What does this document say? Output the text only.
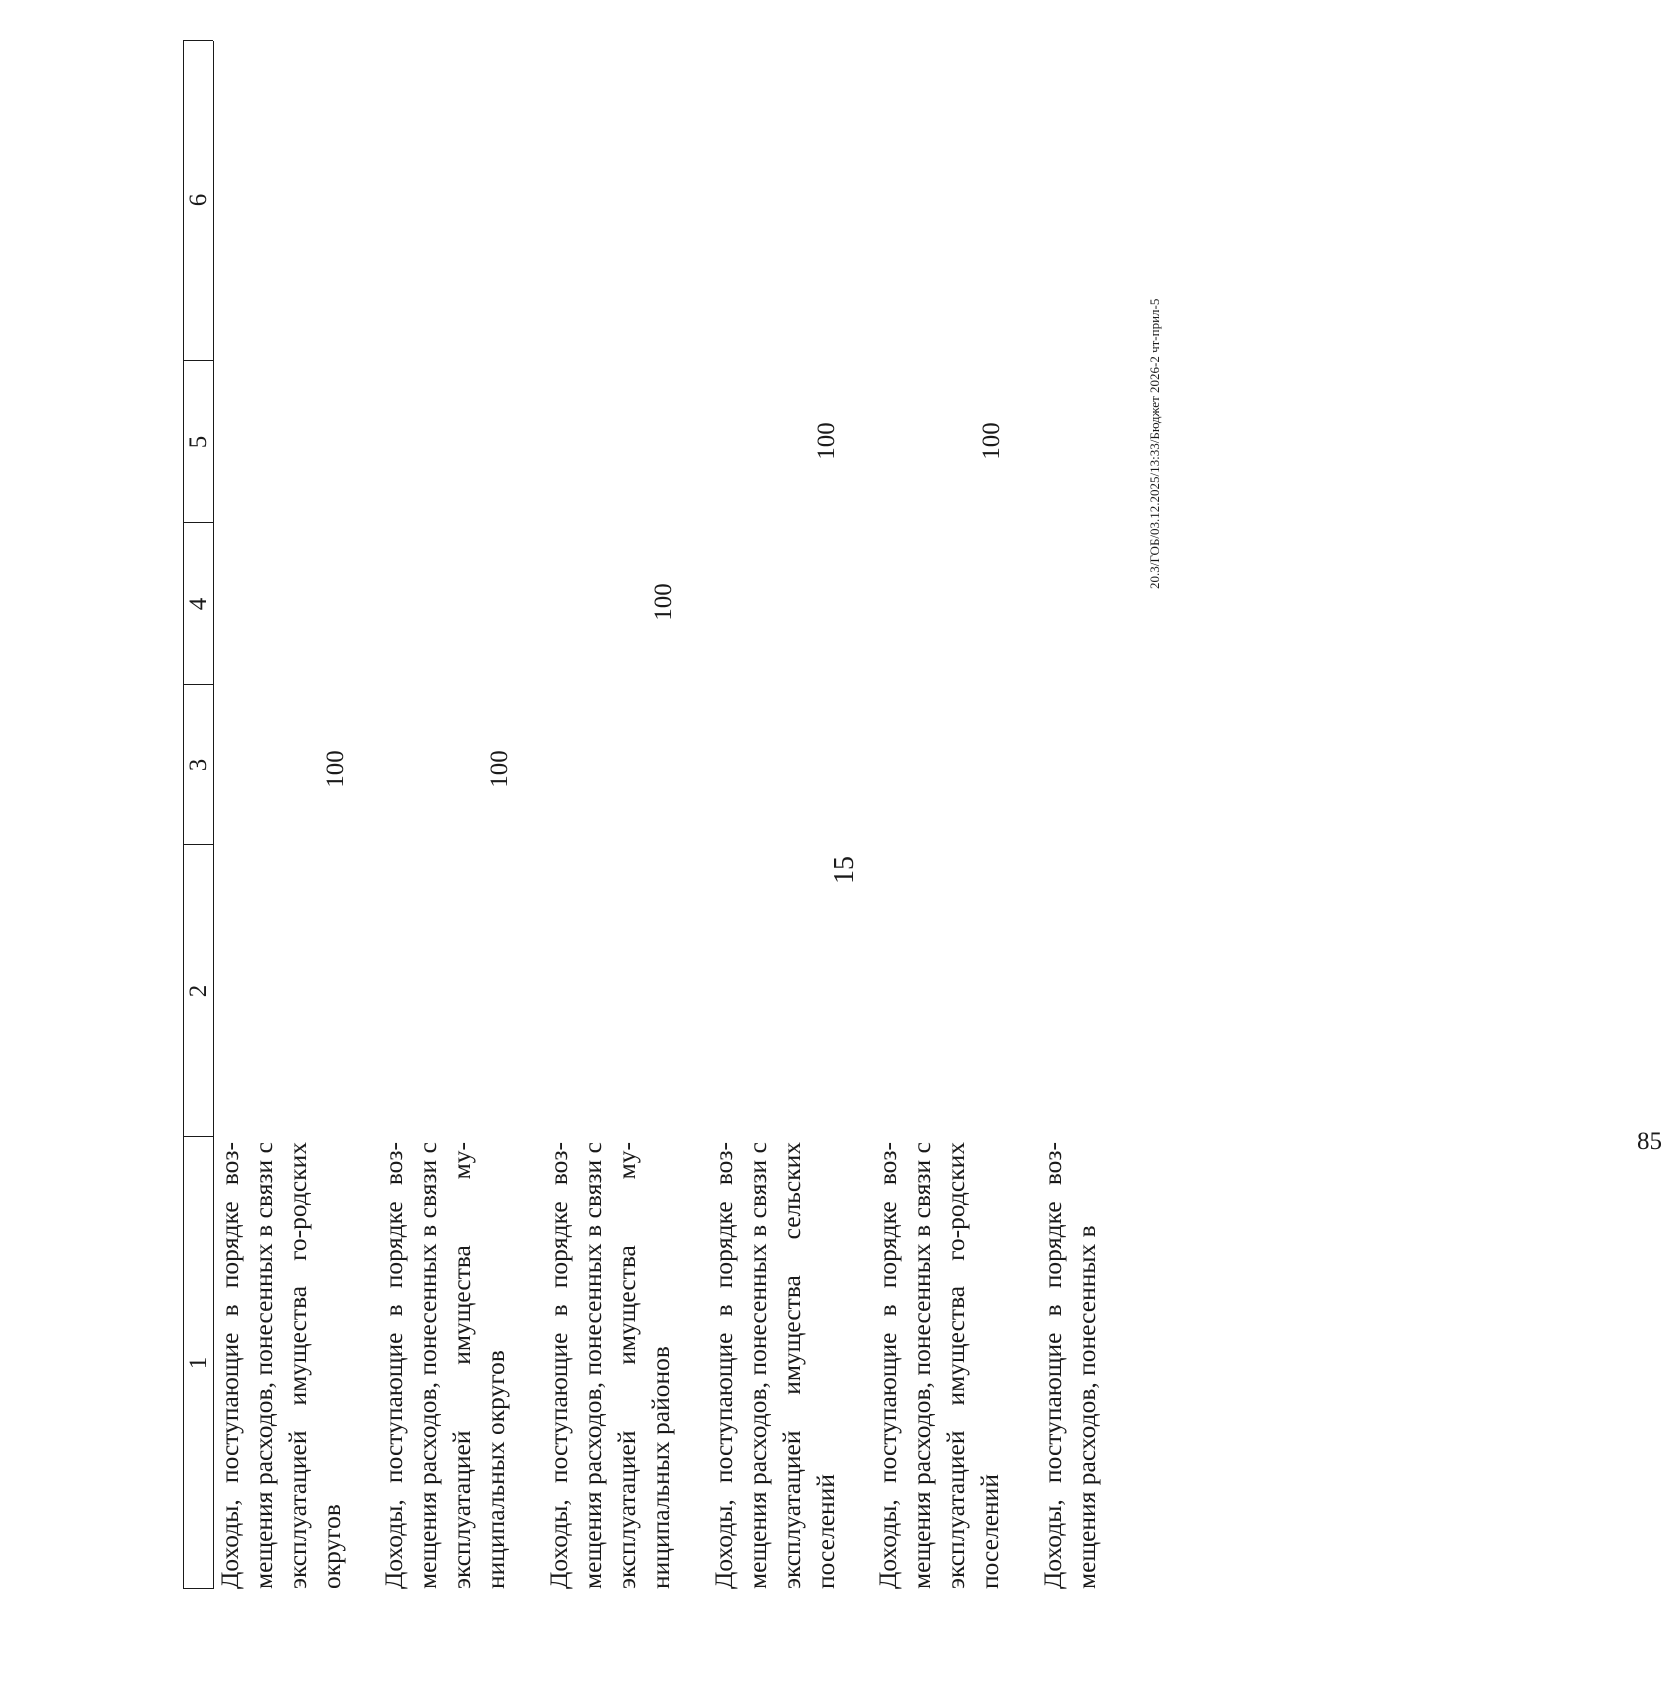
1
2
3
4
5
6
Доходы, поступающие в порядке воз-мещения расходов, понесенных в связи с эксплуатацией имущества го-родских округов
100
Доходы, поступающие в порядке воз-мещения расходов, понесенных в связи с эксплуатацией имущества му-ниципальных округов
100
Доходы, поступающие в порядке воз-мещения расходов, понесенных в связи с эксплуатацией имущества му-ниципальных районов
100
Доходы, поступающие в порядке воз-мещения расходов, понесенных в связи с эксплуатацией имущества сельских поселений
100
Доходы, поступающие в порядке воз-мещения расходов, понесенных в связи с эксплуатацией имущества го-родских поселений
100
Доходы, поступающие в порядке воз-мещения расходов, понесенных в
15
20.3/ГОБ/03.12.2025/13:33/Бюджет 2026-2 чт-прил-5
85
